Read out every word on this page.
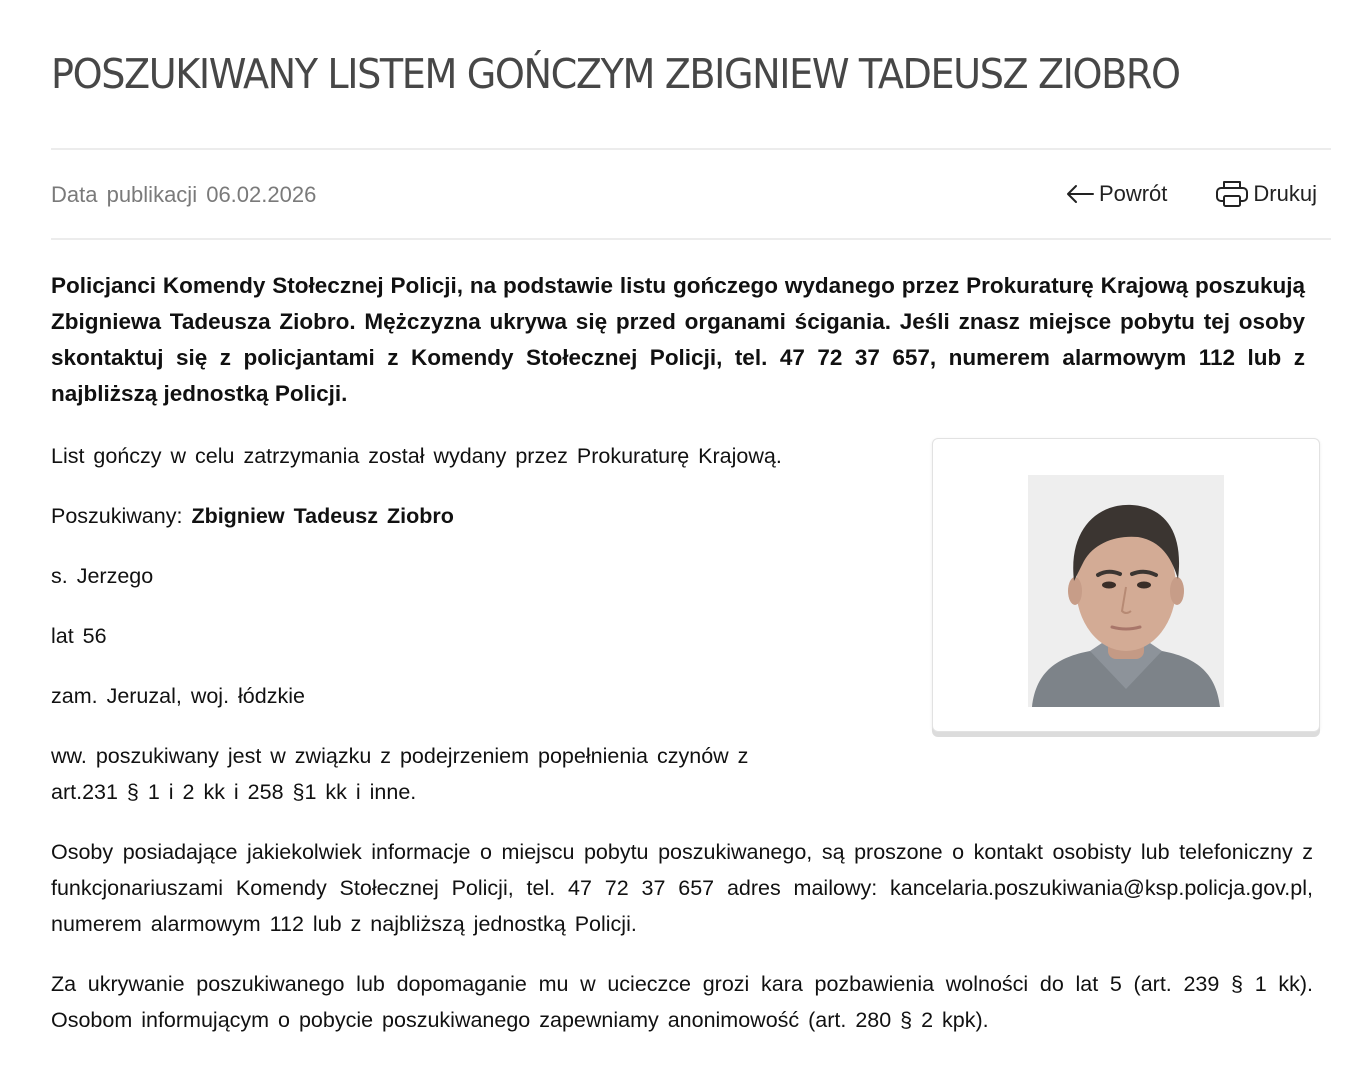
POSZUKIWANY LISTEM GOŃCZYM ZBIGNIEW TADEUSZ ZIOBRO
Data publikacji 06.02.2026	Powrót	Drukuj

Policjanci Komendy Stołecznej Policji, na podstawie listu gończego wydanego przez Prokuraturę Krajową poszukują Zbigniewa Tadeusza Ziobro. Mężczyzna ukrywa się przed organami ścigania. Jeśli znasz miejsce pobytu tej osoby skontaktuj się z policjantami z Komendy Stołecznej Policji, tel. 47 72 37 657, numerem alarmowym 112 lub z najbliższą jednostką Policji.

List gończy w celu zatrzymania został wydany przez Prokuraturę Krajową.

Poszukiwany: Zbigniew Tadeusz Ziobro

s. Jerzego

lat 56

zam. Jeruzal, woj. łódzkie

ww. poszukiwany jest w związku z podejrzeniem popełnienia czynów z

art.231 § 1 i 2 kk i 258 §1 kk i inne.

Osoby posiadające jakiekolwiek informacje o miejscu pobytu poszukiwanego, są proszone o kontakt osobisty lub telefoniczny z funkcjonariuszami Komendy Stołecznej Policji, tel. 47 72 37 657 adres mailowy: kancelaria.poszukiwania@ksp.policja.gov.pl, numerem alarmowym 112 lub z najbliższą jednostką Policji.

Za ukrywanie poszukiwanego lub dopomaganie mu w ucieczce grozi kara pozbawienia wolności do lat 5 (art. 239 § 1 kk). Osobom informującym o pobycie poszukiwanego zapewniamy anonimowość (art. 280 § 2 kpk).
